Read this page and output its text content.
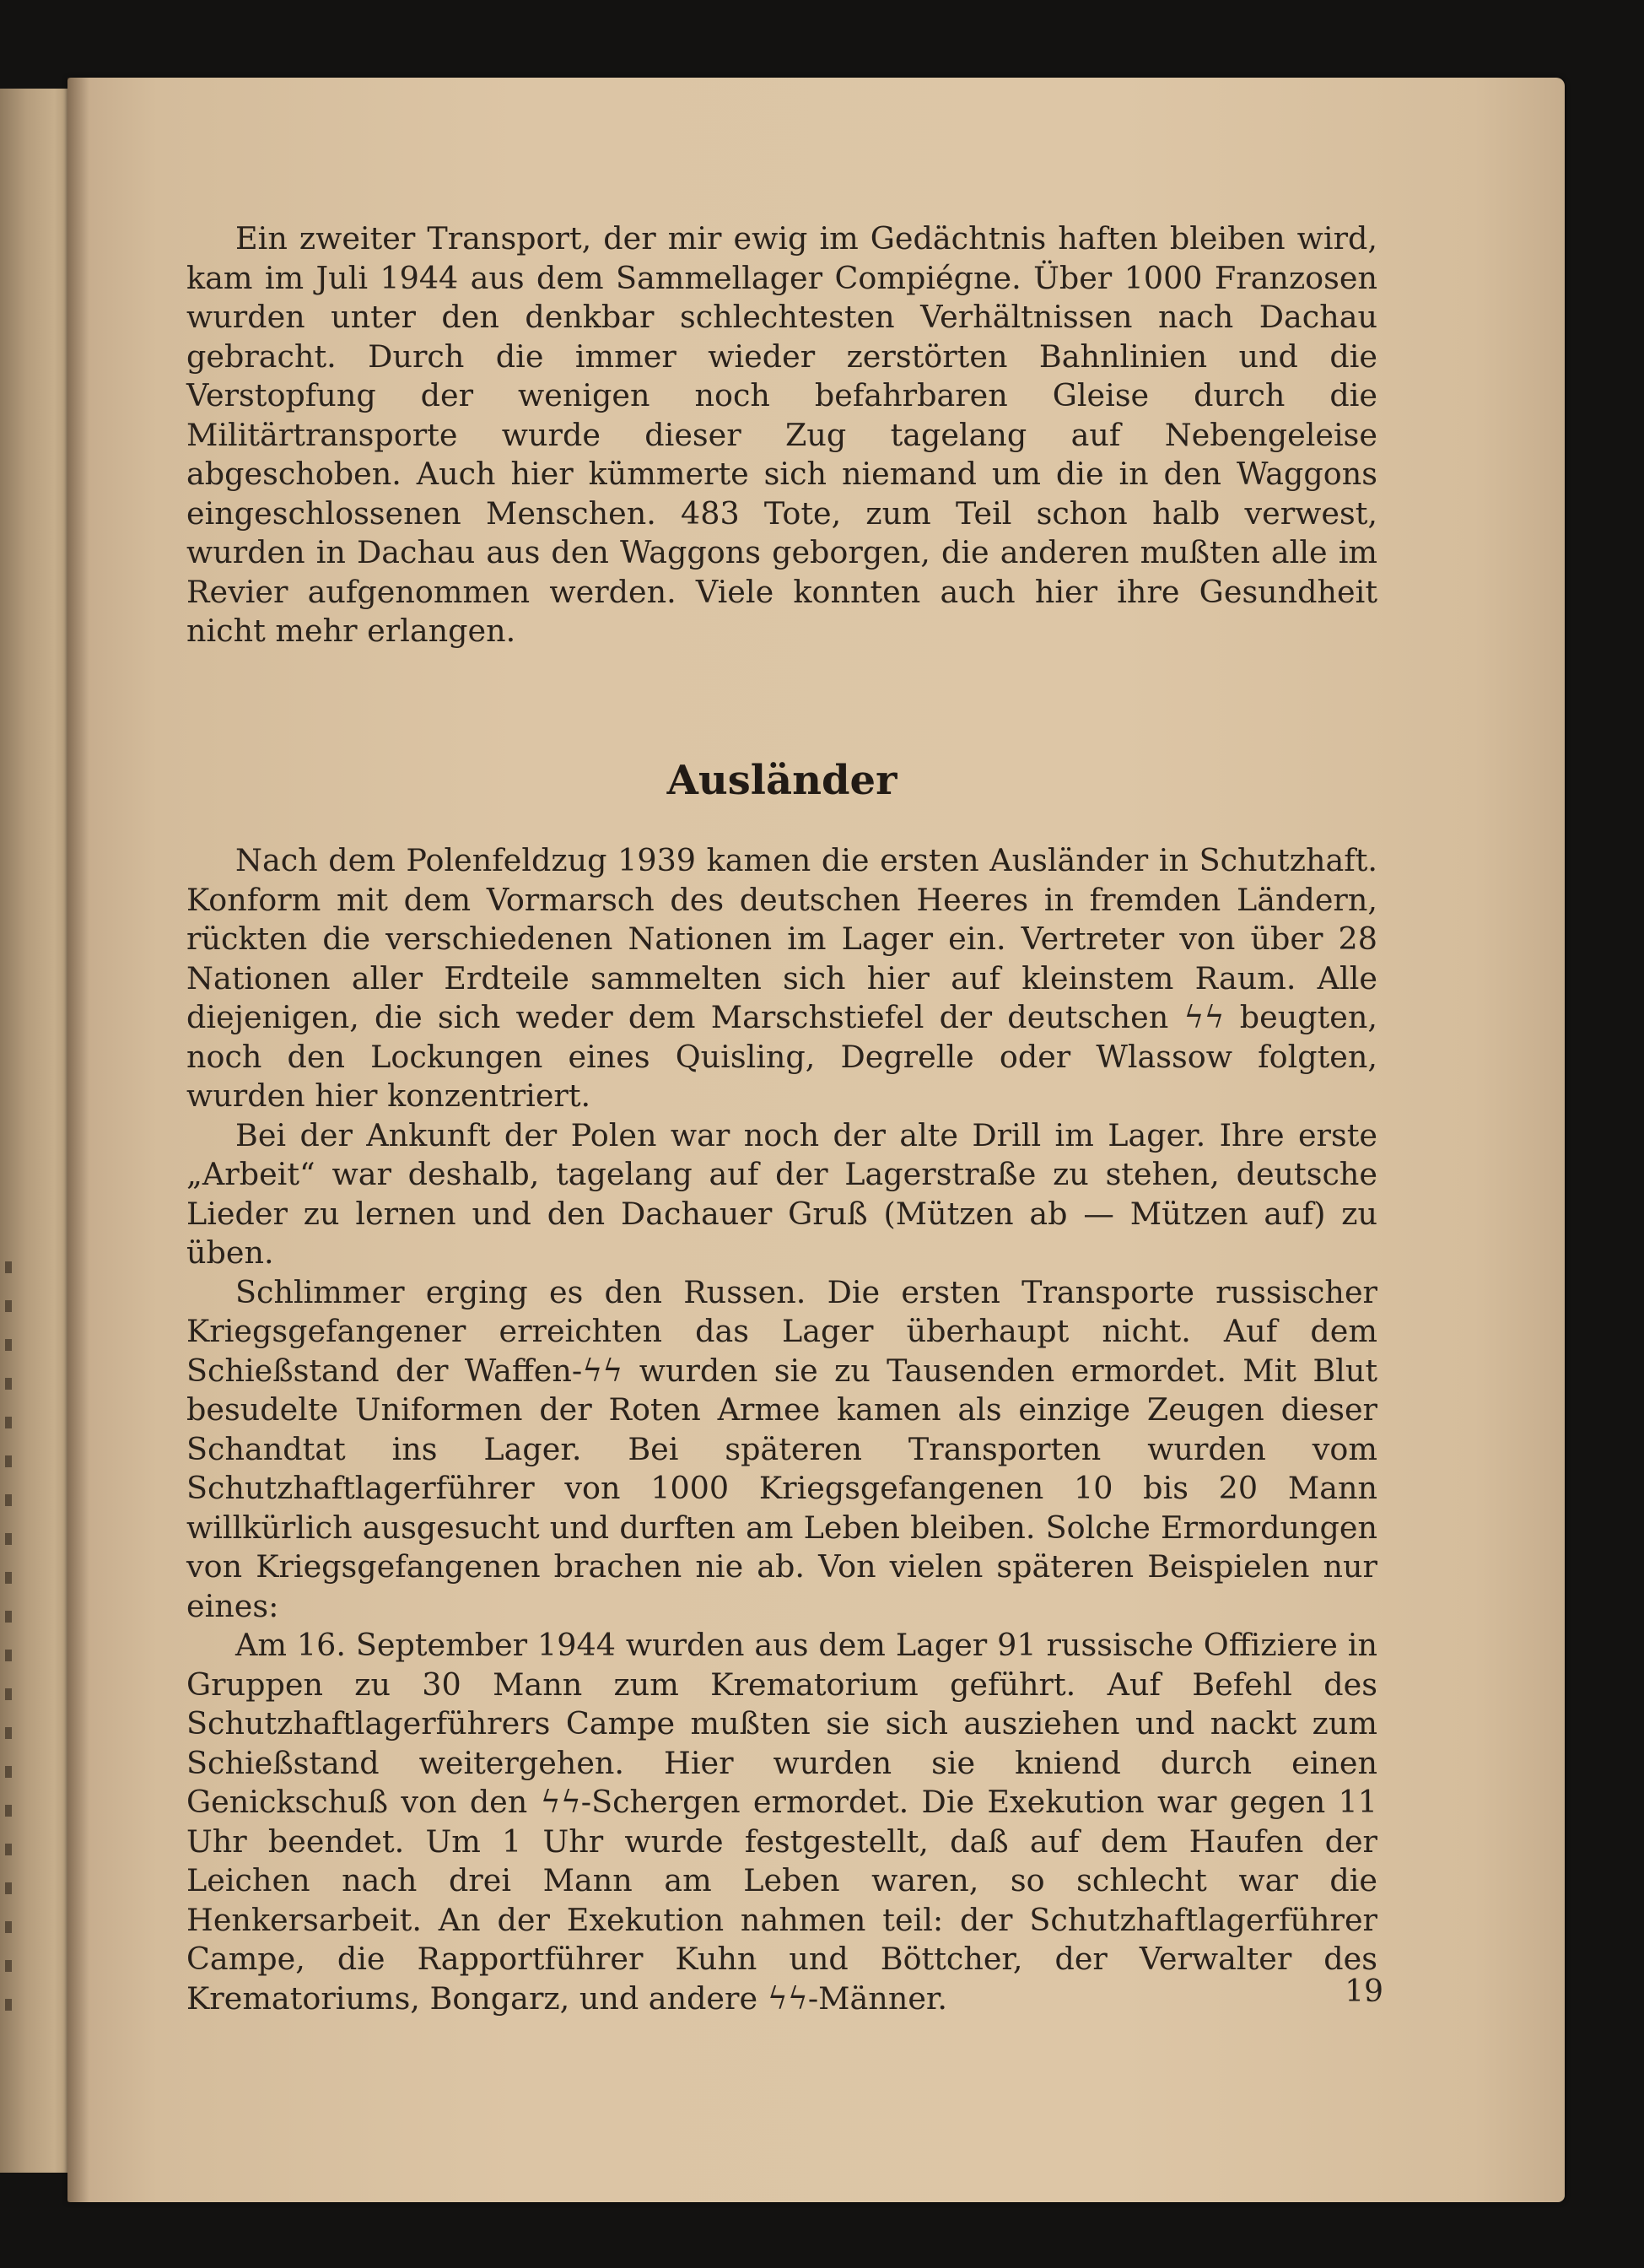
Ein zweiter Transport, der mir ewig im Gedächtnis haften bleiben wird, kam im Juli 1944 aus dem Sammellager Compiégne. Über 1000 Franzosen wurden unter den denkbar schlechtesten Verhältnissen nach Dachau gebracht. Durch die immer wieder zerstörten Bahnlinien und die Verstopfung der wenigen noch befahrbaren Gleise durch die Militärtransporte wurde dieser Zug tagelang auf Nebengeleise abgeschoben. Auch hier kümmerte sich niemand um die in den Waggons eingeschlossenen Menschen. 483 Tote, zum Teil schon halb verwest, wurden in Dachau aus den Waggons geborgen, die anderen mußten alle im Revier aufgenommen werden. Viele konnten auch hier ihre Gesundheit nicht mehr erlangen.

Ausländer

Nach dem Polenfeldzug 1939 kamen die ersten Ausländer in Schutzhaft. Konform mit dem Vormarsch des deutschen Heeres in fremden Ländern, rückten die verschiedenen Nationen im Lager ein. Vertreter von über 28 Nationen aller Erdteile sammelten sich hier auf kleinstem Raum. Alle diejenigen, die sich weder dem Marschstiefel der deutschen ϟϟ beugten, noch den Lockungen eines Quisling, Degrelle oder Wlassow folgten, wurden hier konzentriert.

Bei der Ankunft der Polen war noch der alte Drill im Lager. Ihre erste „Arbeit“ war deshalb, tagelang auf der Lagerstraße zu stehen, deutsche Lieder zu lernen und den Dachauer Gruß (Mützen ab — Mützen auf) zu üben.

Schlimmer erging es den Russen. Die ersten Transporte russischer Kriegsgefangener erreichten das Lager überhaupt nicht. Auf dem Schießstand der Waffen-ϟϟ wurden sie zu Tausenden ermordet. Mit Blut besudelte Uniformen der Roten Armee kamen als einzige Zeugen dieser Schandtat ins Lager. Bei späteren Transporten wurden vom Schutzhaftlagerführer von 1000 Kriegsgefangenen 10 bis 20 Mann willkürlich ausgesucht und durften am Leben bleiben. Solche Ermordungen von Kriegsgefangenen brachen nie ab. Von vielen späteren Beispielen nur eines:

Am 16. September 1944 wurden aus dem Lager 91 russische Offiziere in Gruppen zu 30 Mann zum Krematorium geführt. Auf Befehl des Schutzhaftlagerführers Campe mußten sie sich ausziehen und nackt zum Schießstand weitergehen. Hier wurden sie kniend durch einen Genickschuß von den ϟϟ-Schergen ermordet. Die Exekution war gegen 11 Uhr beendet. Um 1 Uhr wurde festgestellt, daß auf dem Haufen der Leichen nach drei Mann am Leben waren, so schlecht war die Henkersarbeit. An der Exekution nahmen teil: der Schutzhaftlagerführer Campe, die Rapportführer Kuhn und Böttcher, der Verwalter des Krematoriums, Bongarz, und andere ϟϟ-Männer.	19
